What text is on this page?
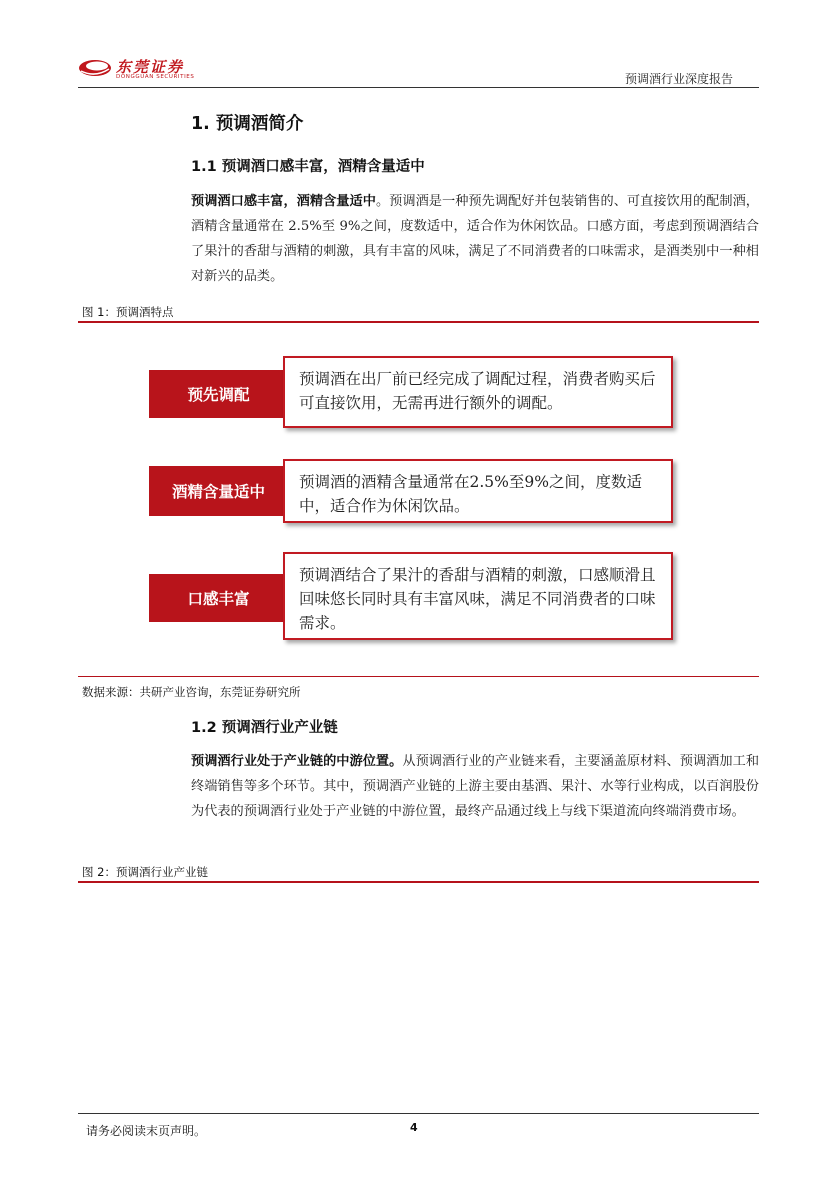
东莞证券
DONGGUAN SECURITIES	预调酒行业深度报告
1. 预调酒简介
1.1 预调酒口感丰富，酒精含量适中
预调酒口感丰富，酒精含量适中。预调酒是一种预先调配好并包装销售的、可直接饮用的配制酒，酒精含量通常在 2.5%至 9%之间，度数适中，适合作为休闲饮品。口感方面，考虑到预调酒结合了果汁的香甜与酒精的刺激，具有丰富的风味，满足了不同消费者的口味需求，是酒类别中一种相对新兴的品类。
图 1：预调酒特点
预先调配
预调酒在出厂前已经完成了调配过程，消费者购买后可直接饮用，无需再进行额外的调配。
酒精含量适中
预调酒的酒精含量通常在2.5%至9%之间，度数适中，适合作为休闲饮品。
口感丰富
预调酒结合了果汁的香甜与酒精的刺激，口感顺滑且回味悠长同时具有丰富风味，满足不同消费者的口味需求。
数据来源：共研产业咨询，东莞证券研究所
1.2 预调酒行业产业链
预调酒行业处于产业链的中游位置。从预调酒行业的产业链来看，主要涵盖原材料、预调酒加工和终端销售等多个环节。其中，预调酒产业链的上游主要由基酒、果汁、水等行业构成，以百润股份为代表的预调酒行业处于产业链的中游位置，最终产品通过线上与线下渠道流向终端消费市场。
图 2：预调酒行业产业链
请务必阅读末页声明。	4
